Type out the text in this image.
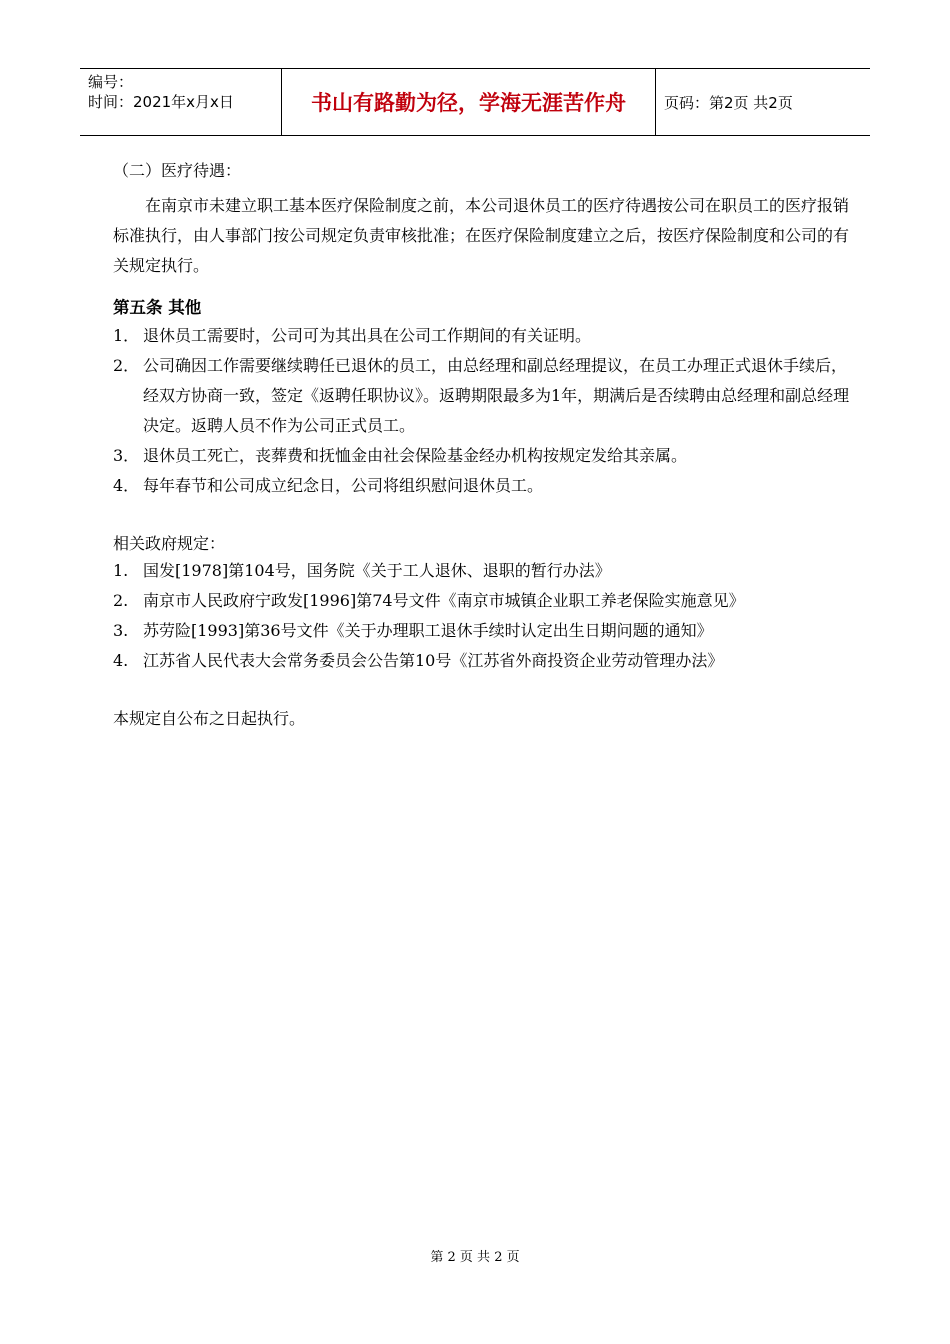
编号：
时间：2021年x月x日	书山有路勤为径，学海无涯苦作舟	页码：第2页 共2页
（二）医疗待遇：
在南京市未建立职工基本医疗保险制度之前，本公司退休员工的医疗待遇按公司在职员工的医疗报销标准执行，由人事部门按公司规定负责审核批准；在医疗保险制度建立之后，按医疗保险制度和公司的有关规定执行。
第五条 其他
1． 退休员工需要时，公司可为其出具在公司工作期间的有关证明。
2． 公司确因工作需要继续聘任已退休的员工，由总经理和副总经理提议，在员工办理正式退休手续后，经双方协商一致，签定《返聘任职协议》。返聘期限最多为1年，期满后是否续聘由总经理和副总经理决定。返聘人员不作为公司正式员工。
3． 退休员工死亡，丧葬费和抚恤金由社会保险基金经办机构按规定发给其亲属。
4． 每年春节和公司成立纪念日，公司将组织慰问退休员工。
相关政府规定：
1. 国发[1978]第104号，国务院《关于工人退休、退职的暂行办法》
2. 南京市人民政府宁政发[1996]第74号文件《南京市城镇企业职工养老保险实施意见》
3. 苏劳险[1993]第36号文件《关于办理职工退休手续时认定出生日期问题的通知》
4. 江苏省人民代表大会常务委员会公告第10号《江苏省外商投资企业劳动管理办法》
本规定自公布之日起执行。
第 2 页 共 2 页
